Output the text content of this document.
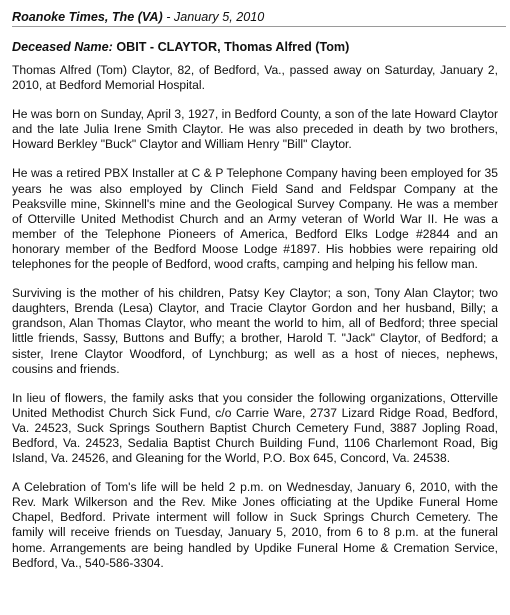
Roanoke Times, The (VA) - January 5, 2010
Deceased Name: OBIT - CLAYTOR, Thomas Alfred (Tom)

Thomas Alfred (Tom) Claytor, 82, of Bedford, Va., passed away on Saturday, January 2, 2010, at Bedford Memorial Hospital.

He was born on Sunday, April 3, 1927, in Bedford County, a son of the late Howard Claytor and the late Julia Irene Smith Claytor. He was also preceded in death by two brothers, Howard Berkley "Buck" Claytor and William Henry "Bill" Claytor.

He was a retired PBX Installer at C & P Telephone Company having been employed for 35 years he was also employed by Clinch Field Sand and Feldspar Company at the Peaksville mine, Skinnell's mine and the Geological Survey Company. He was a member of Otterville United Methodist Church and an Army veteran of World War II. He was a member of the Telephone Pioneers of America, Bedford Elks Lodge #2844 and an honorary member of the Bedford Moose Lodge #1897. His hobbies were repairing old telephones for the people of Bedford, wood crafts, camping and helping his fellow man.

Surviving is the mother of his children, Patsy Key Claytor; a son, Tony Alan Claytor; two daughters, Brenda (Lesa) Claytor, and Tracie Claytor Gordon and her husband, Billy; a grandson, Alan Thomas Claytor, who meant the world to him, all of Bedford; three special little friends, Sassy, Buttons and Buffy; a brother, Harold T. "Jack" Claytor, of Bedford; a sister, Irene Claytor Woodford, of Lynchburg; as well as a host of nieces, nephews, cousins and friends.

In lieu of flowers, the family asks that you consider the following organizations, Otterville United Methodist Church Sick Fund, c/o Carrie Ware, 2737 Lizard Ridge Road, Bedford, Va. 24523, Suck Springs Southern Baptist Church Cemetery Fund, 3887 Jopling Road, Bedford, Va. 24523, Sedalia Baptist Church Building Fund, 1106 Charlemont Road, Big Island, Va. 24526, and Gleaning for the World, P.O. Box 645, Concord, Va. 24538.

A Celebration of Tom's life will be held 2 p.m. on Wednesday, January 6, 2010, with the Rev. Mark Wilkerson and the Rev. Mike Jones officiating at the Updike Funeral Home Chapel, Bedford. Private interment will follow in Suck Springs Church Cemetery. The family will receive friends on Tuesday, January 5, 2010, from 6 to 8 p.m. at the funeral home. Arrangements are being handled by Updike Funeral Home & Cremation Service, Bedford, Va., 540-586-3304.
